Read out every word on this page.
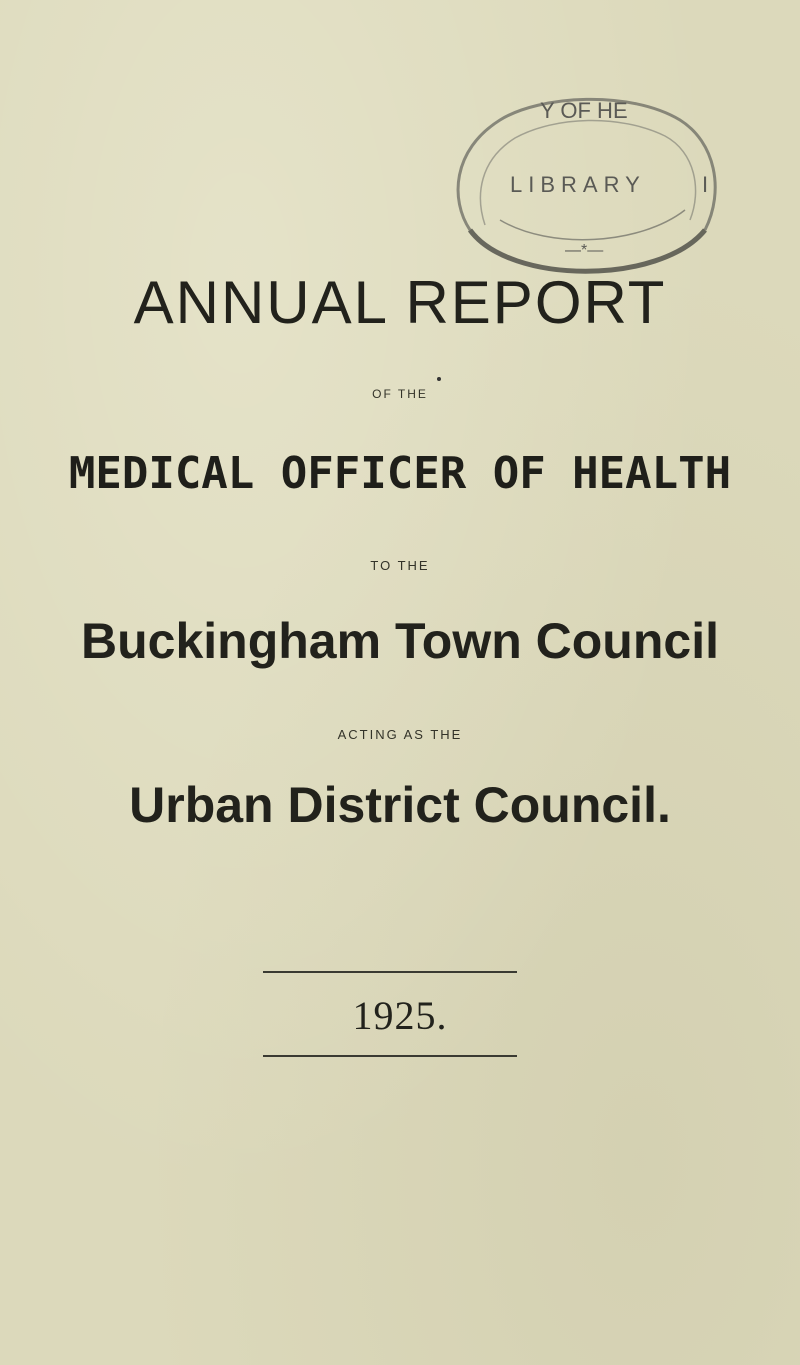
Y OF HE
LIBRARY	I
—*—
ANNUAL REPORT
OF THE
MEDICAL OFFICER OF HEALTH
TO THE
Buckingham Town Council
ACTING AS THE
Urban District Council.
1925.
